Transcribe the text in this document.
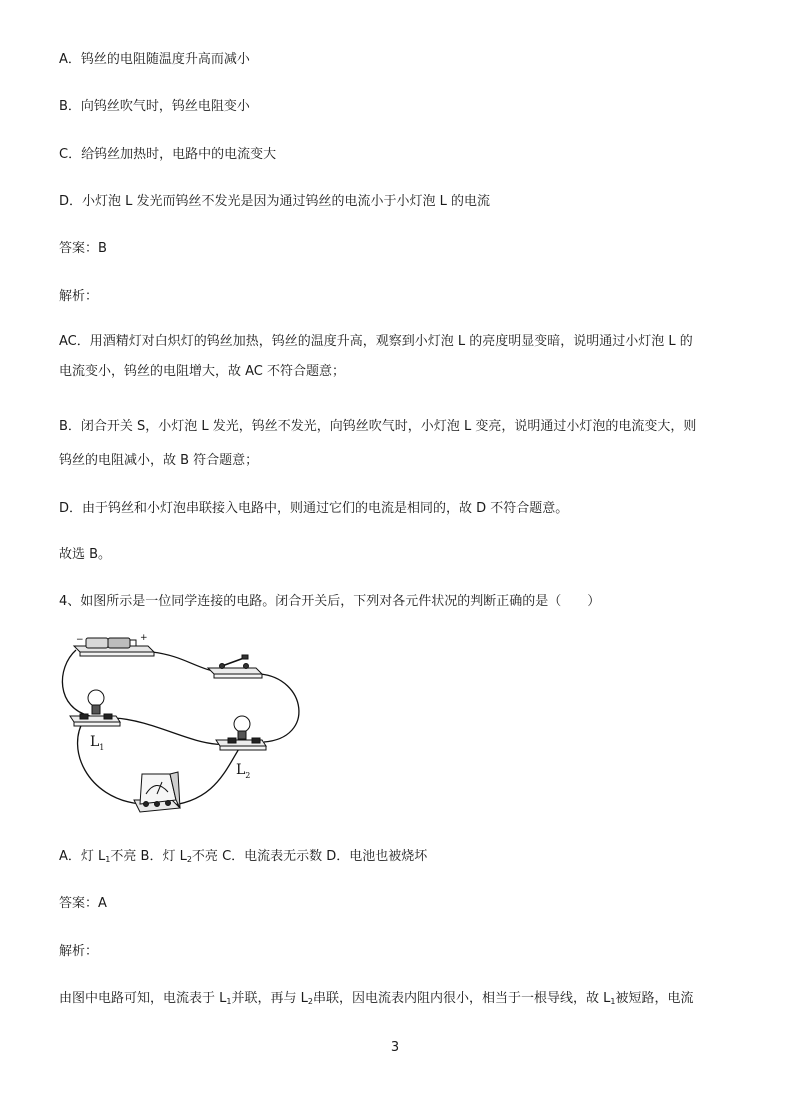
A．钨丝的电阻随温度升高而减小
B．向钨丝吹气时，钨丝电阻变小
C．给钨丝加热时，电路中的电流变大
D．小灯泡 L 发光而钨丝不发光是因为通过钨丝的电流小于小灯泡 L 的电流
答案：B
解析：
AC．用酒精灯对白炽灯的钨丝加热，钨丝的温度升高，观察到小灯泡 L 的亮度明显变暗，说明通过小灯泡 L 的
电流变小，钨丝的电阻增大，故 AC 不符合题意；
B．闭合开关 S，小灯泡 L 发光，钨丝不发光，向钨丝吹气时，小灯泡 L 变亮，说明通过小灯泡的电流变大，则
钨丝的电阻减小，故 B 符合题意；
D．由于钨丝和小灯泡串联接入电路中，则通过它们的电流是相同的，故 D 不符合题意。
故选 B。
4、如图所示是一位同学连接的电路。闭合开关后，下列对各元件状况的判断正确的是（　　）
−	+
$L_1$
$L_2$
A．灯 $L_1$不亮 B．灯 $L_2$不亮 C．电流表无示数 D．电池也被烧坏
答案：A
解析：
由图中电路可知，电流表于 $L_1$并联，再与 $L_2$串联，因电流表内阻内很小，相当于一根导线，故 $L_1$被短路，电流
3
